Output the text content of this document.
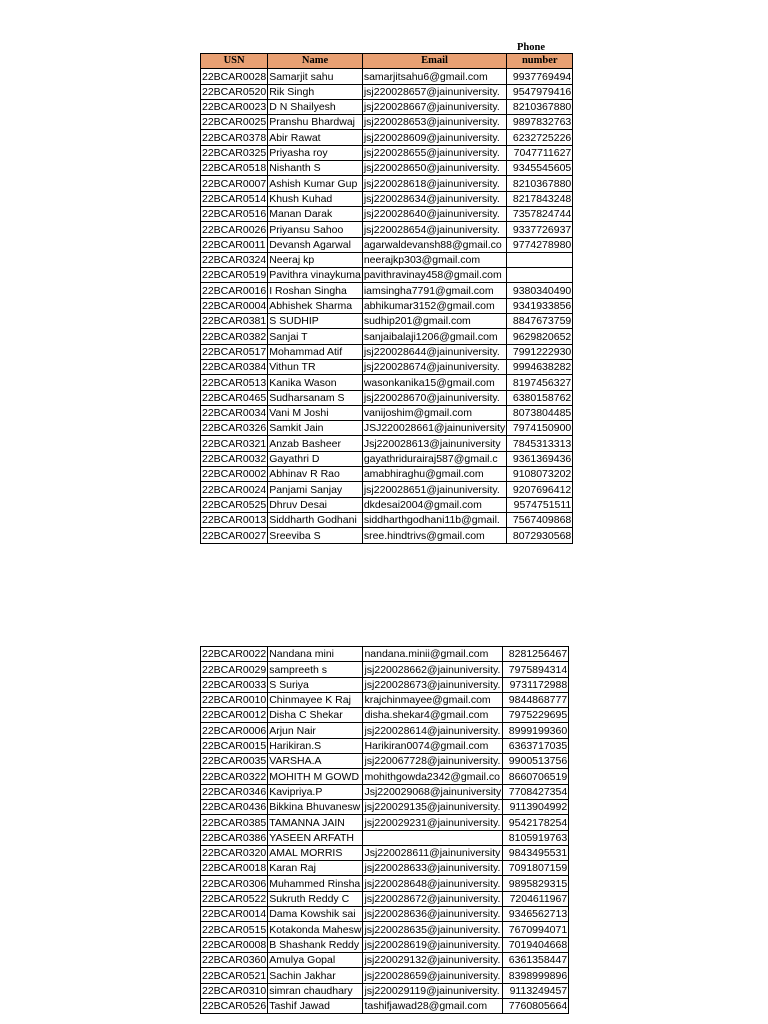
Phone
USN	Name	Email	number
22BCAR0028	Samarjit sahu	samarjitsahu6@gmail.com	9937769494
22BCAR0520	Rik Singh	jsj220028657@jainuniversity.	9547979416
22BCAR0023	D N Shailyesh	jsj220028667@jainuniversity.	8210367880
22BCAR0025	Pranshu Bhardwaj	jsj220028653@jainuniversity.	9897832763
22BCAR0378	Abir Rawat	jsj220028609@jainuniversity.	6232725226
22BCAR0325	Priyasha roy	jsj220028655@jainuniversity.	7047711627
22BCAR0518	Nishanth S	jsj220028650@jainuniversity.	9345545605
22BCAR0007	Ashish Kumar Gup	jsj220028618@jainuniversity.	8210367880
22BCAR0514	Khush Kuhad	jsj220028634@jainuniversity.	8217843248
22BCAR0516	Manan Darak	jsj220028640@jainuniversity.	7357824744
22BCAR0026	Priyansu Sahoo	jsj220028654@jainuniversity.	9337726937
22BCAR0011	Devansh Agarwal	agarwaldevansh88@gmail.co	9774278980
22BCAR0324	Neeraj kp	neerajkp303@gmail.com	
22BCAR0519	Pavithra vinaykuma	pavithravinay458@gmail.com	
22BCAR0016	I Roshan Singha	iamsingha7791@gmail.com	9380340490
22BCAR0004	Abhishek Sharma	abhikumar3152@gmail.com	9341933856
22BCAR0381	S SUDHIP	sudhip201@gmail.com	8847673759
22BCAR0382	Sanjai T	sanjaibalaji1206@gmail.com	9629820652
22BCAR0517	Mohammad Atif	jsj220028644@jainuniversity.	7991222930
22BCAR0384	Vithun TR	jsj220028674@jainuniversity.	9994638282
22BCAR0513	Kanika Wason	wasonkanika15@gmail.com	8197456327
22BCAR0465	Sudharsanam S	jsj220028670@jainuniversity.	6380158762
22BCAR0034	Vani M Joshi	vanijoshim@gmail.com	8073804485
22BCAR0326	Samkit Jain	JSJ220028661@jainuniversity	7974150900
22BCAR0321	Anzab Basheer	Jsj220028613@jainuniversity	7845313313
22BCAR0032	Gayathri D	gayathridurairaj587@gmail.c	9361369436
22BCAR0002	Abhinav R Rao	amabhiraghu@gmail.com	9108073202
22BCAR0024	Panjami Sanjay	jsj220028651@jainuniversity.	9207696412
22BCAR0525	Dhruv Desai	dkdesai2004@gmail.com	9574751511
22BCAR0013	Siddharth Godhani	siddharthgodhani11b@gmail.	7567409868
22BCAR0027	Sreeviba S	sree.hindtrivs@gmail.com	8072930568
22BCAR0022	Nandana mini	nandana.minii@gmail.com	8281256467
22BCAR0029	sampreeth s	jsj220028662@jainuniversity.	7975894314
22BCAR0033	S Suriya	jsj220028673@jainuniversity.	9731172988
22BCAR0010	Chinmayee K Raj	krajchinmayee@gmail.com	9844868777
22BCAR0012	Disha C Shekar	disha.shekar4@gmail.com	7975229695
22BCAR0006	Arjun Nair	jsj220028614@jainuniversity.	8999199360
22BCAR0015	Harikiran.S	Harikiran0074@gmail.com	6363717035
22BCAR0035	VARSHA.A	jsj220067728@jainuniversity.	9900513756
22BCAR0322	MOHITH M GOWD	mohithgowda2342@gmail.co	8660706519
22BCAR0346	Kavipriya.P	Jsj220029068@jainuniversity	7708427354
22BCAR0436	Bikkina Bhuvanesw	jsj220029135@jainuniversity.	9113904992
22BCAR0385	TAMANNA JAIN	jsj220029231@jainuniversity.	9542178254
22BCAR0386	YASEEN ARFATH		8105919763
22BCAR0320	AMAL MORRIS	Jsj220028611@jainuniversity	9843495531
22BCAR0018	Karan Raj	jsj220028633@jainuniversity.	7091807159
22BCAR0306	Muhammed Rinsha	jsj220028648@jainuniversity.	9895829315
22BCAR0522	Sukruth Reddy C	jsj220028672@jainuniversity.	7204611967
22BCAR0014	Dama Kowshik sai	jsj220028636@jainuniversity.	9346562713
22BCAR0515	Kotakonda Mahesw	jsj220028635@jainuniversity.	7670994071
22BCAR0008	B Shashank Reddy	jsj220028619@jainuniversity.	7019404668
22BCAR0360	Amulya Gopal	jsj220029132@jainuniversity.	6361358447
22BCAR0521	Sachin Jakhar	jsj220028659@jainuniversity.	8398999896
22BCAR0310	simran chaudhary	jsj220029119@jainuniversity.	9113249457
22BCAR0526	Tashif Jawad	tashifjawad28@gmail.com	7760805664
